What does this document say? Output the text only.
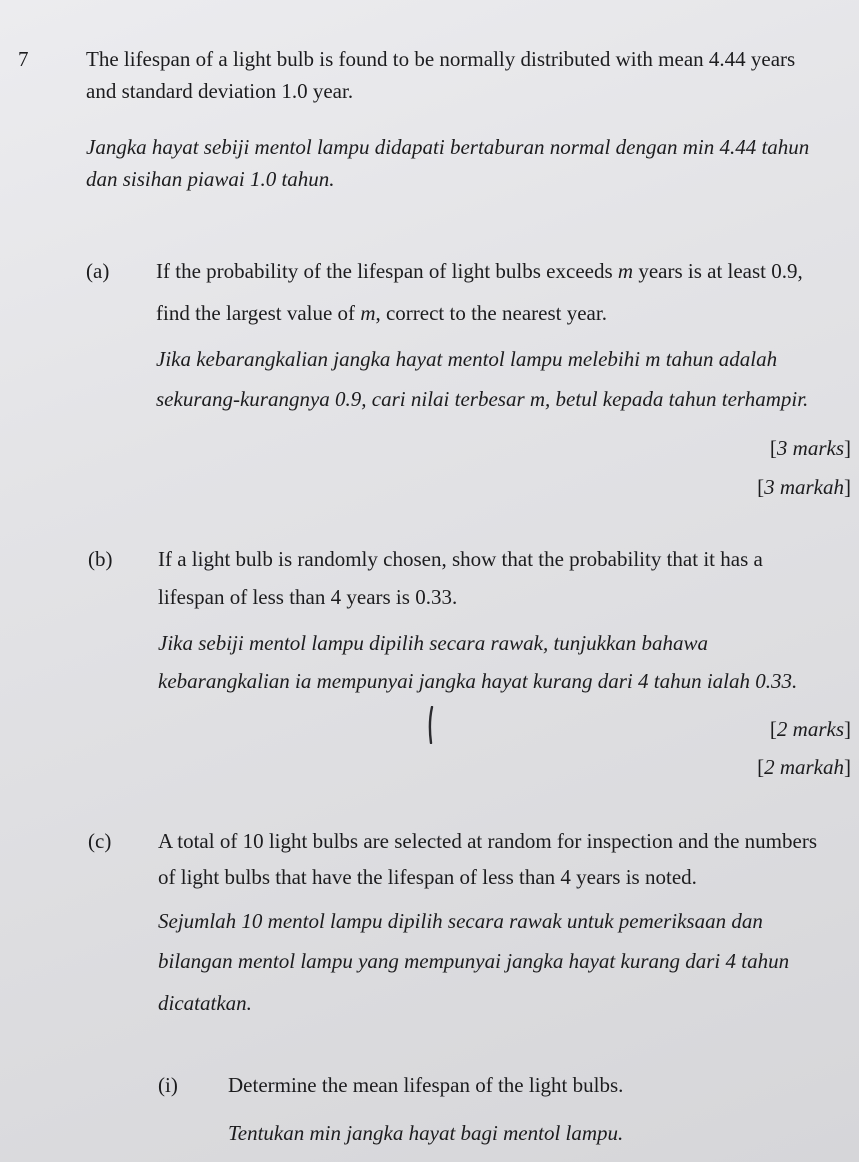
7	The lifespan of a light bulb is found to be normally distributed with mean 4.44 years
and standard deviation 1.0 year.
Jangka hayat sebiji mentol lampu didapati bertaburan normal dengan min 4.44 tahun
dan sisihan piawai 1.0 tahun.
(a) If the probability of the lifespan of light bulbs exceeds m years is at least 0.9,
find the largest value of m, correct to the nearest year.
Jika kebarangkalian jangka hayat mentol lampu melebihi m tahun adalah
sekurang-kurangnya 0.9, cari nilai terbesar m, betul kepada tahun terhampir.
[3 marks]
[3 markah]
(b) If a light bulb is randomly chosen, show that the probability that it has a
lifespan of less than 4 years is 0.33.
Jika sebiji mentol lampu dipilih secara rawak, tunjukkan bahawa
kebarangkalian ia mempunyai jangka hayat kurang dari 4 tahun ialah 0.33.
[2 marks]
[2 markah]
(c) A total of 10 light bulbs are selected at random for inspection and the numbers
of light bulbs that have the lifespan of less than 4 years is noted.
Sejumlah 10 mentol lampu dipilih secara rawak untuk pemeriksaan dan
bilangan mentol lampu yang mempunyai jangka hayat kurang dari 4 tahun
dicatatkan.
(i) Determine the mean lifespan of the light bulbs.
Tentukan min jangka hayat bagi mentol lampu.
